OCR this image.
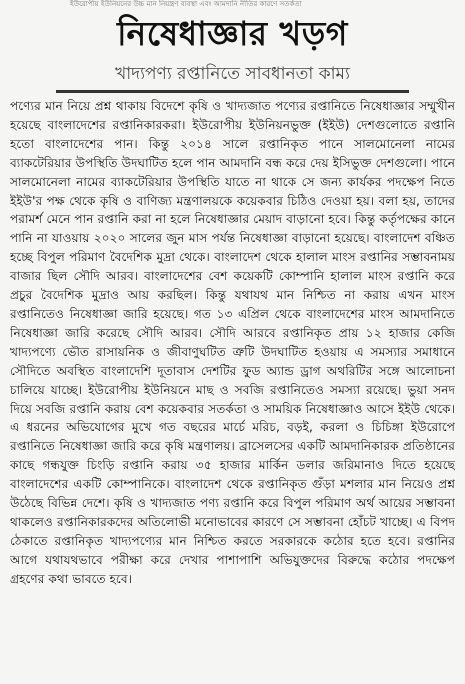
ইউরোপীয় ইউনিয়নের উচ্চ মান নিয়ন্ত্রণ ব্যবস্থা এবং আমদানি নীতির কারণে সতর্কতা
নিষেধাজ্ঞার খড়গ
খাদ্যপণ্য রপ্তানিতে সাবধানতা কাম্য

পণ্যের মান নিয়ে প্রশ্ন থাকায় বিদেশে কৃষি ও খাদ্যজাত পণ্যের রপ্তানিতে নিষেধাজ্ঞার সম্মুখীন হয়েছে বাংলাদেশের রপ্তানিকারকরা। ইউরোপীয় ইউনিয়নভুক্ত (ইইউ) দেশগুলোতে রপ্তানি হতো বাংলাদেশের পান। কিন্তু ২০১৪ সালে রপ্তানিকৃত পানে সালমোনেলা নামের ব্যাকটেরিয়ার উপস্থিতি উদঘাটিত হলে পান আমদানি বন্ধ করে দেয় ইসিভুক্ত দেশগুলো। পানে সালমোনেলা নামের ব্যাকটেরিয়ার উপস্থিতি যাতে না থাকে সে জন্য কার্যকর পদক্ষেপ নিতে ইইউ'র পক্ষ থেকে কৃষি ও বাণিজ্য মন্ত্রণালয়কে কয়েকবার চিঠিও দেওয়া হয়। বলা হয়, তাদের পরামর্শ মেনে পান রপ্তানি করা না হলে নিষেধাজ্ঞার মেয়াদ বাড়ানো হবে। কিন্তু কর্তৃপক্ষের কানে পানি না যাওয়ায় ২০২০ সালের জুন মাস পর্যন্ত নিষেধাজ্ঞা বাড়ানো হয়েছে। বাংলাদেশ বঞ্চিত হচ্ছে বিপুল পরিমাণ বৈদেশিক মুদ্রা থেকে। বাংলাদেশ থেকে হালাল মাংস রপ্তানির সম্ভাবনাময় বাজার ছিল সৌদি আরব। বাংলাদেশের বেশ কয়েকটি কোম্পানি হালাল মাংস রপ্তানি করে প্রচুর বৈদেশিক মুদ্রাও আয় করছিল। কিন্তু যথাযথ মান নিশ্চিত না করায় এখন মাংস রপ্তানিতেও নিষেধাজ্ঞা জারি হয়েছে। গত ১৩ এপ্রিল থেকে বাংলাদেশের মাংস আমদানিতে নিষেধাজ্ঞা জারি করেছে সৌদি আরব। সৌদি আরবে রপ্তানিকৃত প্রায় ১২ হাজার কেজি খাদ্যপণ্যে ভৌত রাসায়নিক ও জীবাণুঘটিত ত্রুটি উদঘাটিত হওয়ায় এ সমস্যার সমাধানে সৌদিতে অবস্থিত বাংলাদেশি দূতাবাস দেশটির ফুড অ্যান্ড ড্রাগ অথরিটির সঙ্গে আলোচনা চালিয়ে যাচ্ছে। ইউরোপীয় ইউনিয়নে মাছ ও সবজি রপ্তানিতেও সমস্যা রয়েছে। ভুয়া সনদ দিয়ে সবজি রপ্তানি করায় বেশ কয়েকবার সতর্কতা ও সাময়িক নিষেধাজ্ঞাও আসে ইইউ থেকে। এ ধরনের অভিযোগের মুখে গত বছরের মার্চে মরিচ, বড়ই, করলা ও চিচিঙ্গা ইউরোপে রপ্তানিতে নিষেধাজ্ঞা জারি করে কৃষি মন্ত্রণালয়। ব্রাসেলসের একটি আমদানিকারক প্রতিষ্ঠানের কাছে গন্ধযুক্ত চিংড়ি রপ্তানি করায় ৩৫ হাজার মার্কিন ডলার জরিমানাও দিতে হয়েছে বাংলাদেশের একটি কোম্পানিকে। বাংলাদেশ থেকে রপ্তানিকৃত গুঁড়া মশলার মান নিয়েও প্রশ্ন উঠেছে বিভিন্ন দেশে। কৃষি ও খাদ্যজাত পণ্য রপ্তানি করে বিপুল পরিমাণ অর্থ আয়ের সম্ভাবনা থাকলেও রপ্তানিকারকদের অতিলোভী মনোভাবের কারণে সে সম্ভাবনা হোঁচট খাচ্ছে। এ বিপদ ঠেকাতে রপ্তানিকৃত খাদ্যপণ্যের মান নিশ্চিত করতে সরকারকে কঠোর হতে হবে। রপ্তানির আগে যথাযথভাবে পরীক্ষা করে দেখার পাশাপাশি অভিযুক্তদের বিরুদ্ধে কঠোর পদক্ষেপ গ্রহণের কথা ভাবতে হবে।
